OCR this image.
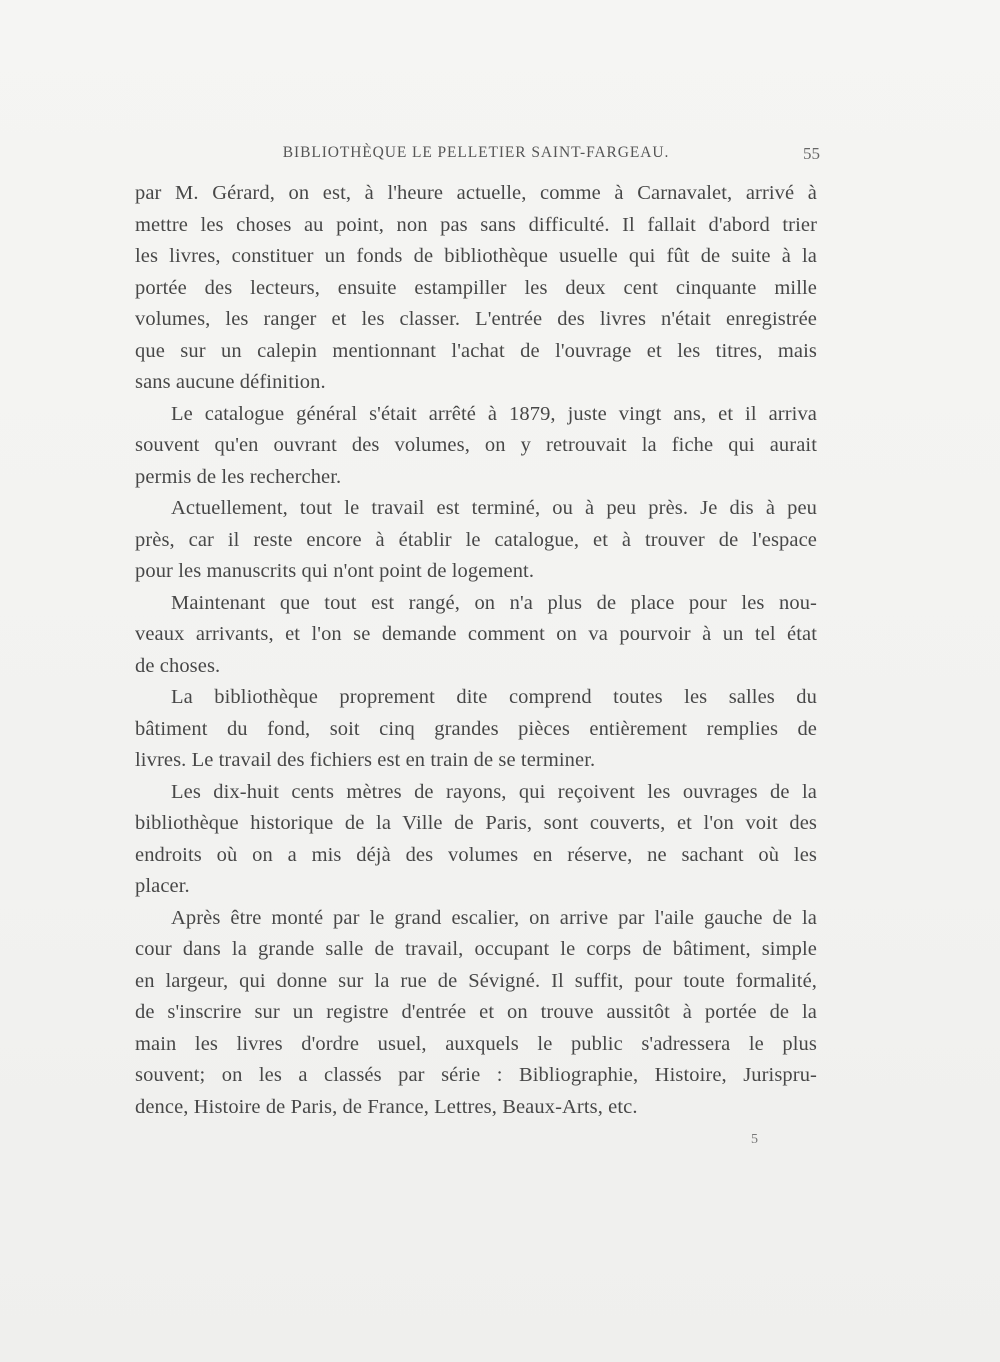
BIBLIOTHÈQUE LE PELLETIER SAINT-FARGEAU.	55
par M. Gérard, on est, à l'heure actuelle, comme à Carnavalet, arrivé à
mettre les choses au point, non pas sans difficulté. Il fallait d'abord trier
les livres, constituer un fonds de bibliothèque usuelle qui fût de suite à la
portée des lecteurs, ensuite estampiller les deux cent cinquante mille
volumes, les ranger et les classer. L'entrée des livres n'était enregistrée
que sur un calepin mentionnant l'achat de l'ouvrage et les titres, mais
sans aucune définition.
Le catalogue général s'était arrêté à 1879, juste vingt ans, et il arriva
souvent qu'en ouvrant des volumes, on y retrouvait la fiche qui aurait
permis de les rechercher.
Actuellement, tout le travail est terminé, ou à peu près. Je dis à peu
près, car il reste encore à établir le catalogue, et à trouver de l'espace
pour les manuscrits qui n'ont point de logement.
Maintenant que tout est rangé, on n'a plus de place pour les nou-
veaux arrivants, et l'on se demande comment on va pourvoir à un tel état
de choses.
La bibliothèque proprement dite comprend toutes les salles du
bâtiment du fond, soit cinq grandes pièces entièrement remplies de
livres. Le travail des fichiers est en train de se terminer.
Les dix-huit cents mètres de rayons, qui reçoivent les ouvrages de la
bibliothèque historique de la Ville de Paris, sont couverts, et l'on voit des
endroits où on a mis déjà des volumes en réserve, ne sachant où les
placer.
Après être monté par le grand escalier, on arrive par l'aile gauche de la
cour dans la grande salle de travail, occupant le corps de bâtiment, simple
en largeur, qui donne sur la rue de Sévigné. Il suffit, pour toute formalité,
de s'inscrire sur un registre d'entrée et on trouve aussitôt à portée de la
main les livres d'ordre usuel, auxquels le public s'adressera le plus
souvent; on les a classés par série : Bibliographie, Histoire, Jurispru-
dence, Histoire de Paris, de France, Lettres, Beaux-Arts, etc.
5
